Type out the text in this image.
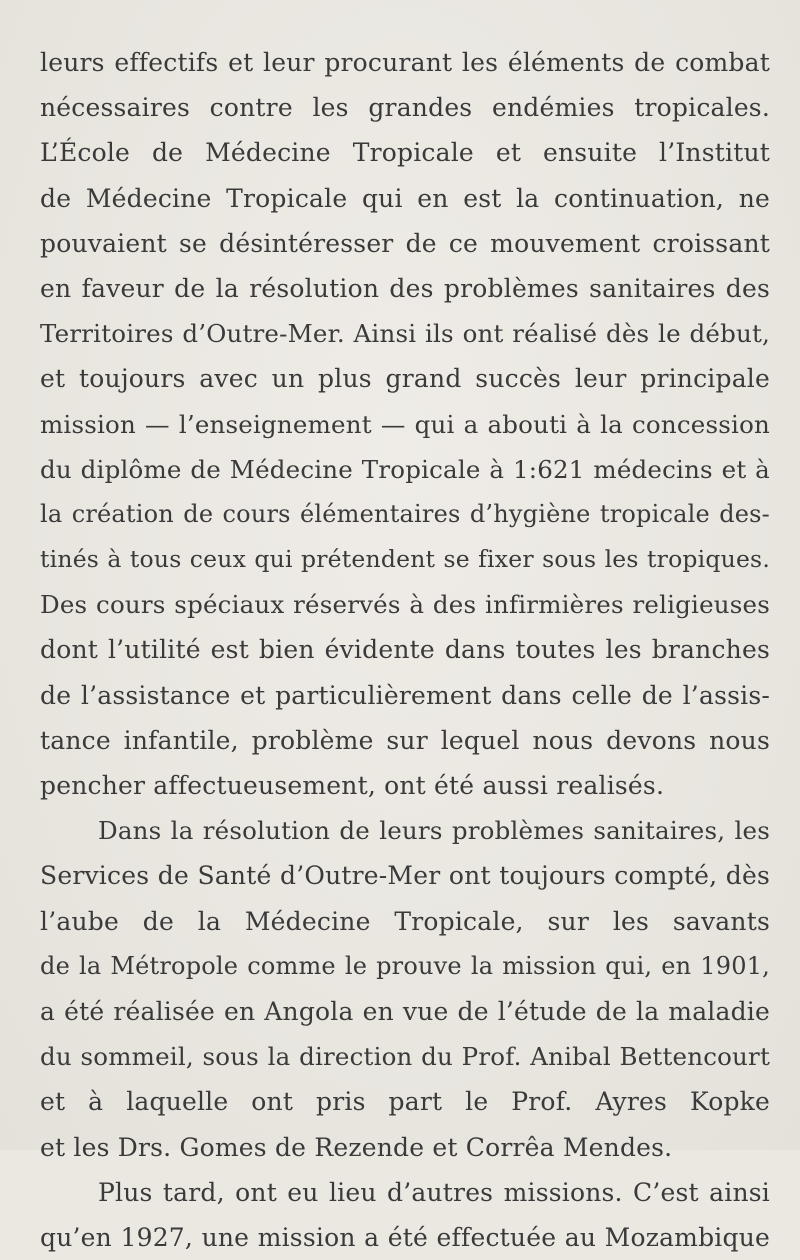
leurs effectifs et leur procurant les éléments de combat
nécessaires contre les grandes endémies tropicales.
L’École de Médecine Tropicale et ensuite l’Institut
de Médecine Tropicale qui en est la continuation, ne
pouvaient se désintéresser de ce mouvement croissant
en faveur de la résolution des problèmes sanitaires des
Territoires d’Outre-Mer. Ainsi ils ont réalisé dès le début,
et toujours avec un plus grand succès leur principale
mission — l’enseignement — qui a abouti à la concession
du diplôme de Médecine Tropicale à 1:621 médecins et à
la création de cours élémentaires d’hygiène tropicale des-
tinés à tous ceux qui prétendent se fixer sous les tropiques.
Des cours spéciaux réservés à des infirmières religieuses
dont l’utilité est bien évidente dans toutes les branches
de l’assistance et particulièrement dans celle de l’assis-
tance infantile, problème sur lequel nous devons nous
pencher affectueusement, ont été aussi realisés.
Dans la résolution de leurs problèmes sanitaires, les
Services de Santé d’Outre-Mer ont toujours compté, dès
l’aube de la Médecine Tropicale, sur les savants
de la Métropole comme le prouve la mission qui, en 1901,
a été réalisée en Angola en vue de l’étude de la maladie
du sommeil, sous la direction du Prof. Anibal Bettencourt
et à laquelle ont pris part le Prof. Ayres Kopke
et les Drs. Gomes de Rezende et Corrêa Mendes.
Plus tard, ont eu lieu d’autres missions. C’est ainsi
qu’en 1927, une mission a été effectuée au Mozambique
